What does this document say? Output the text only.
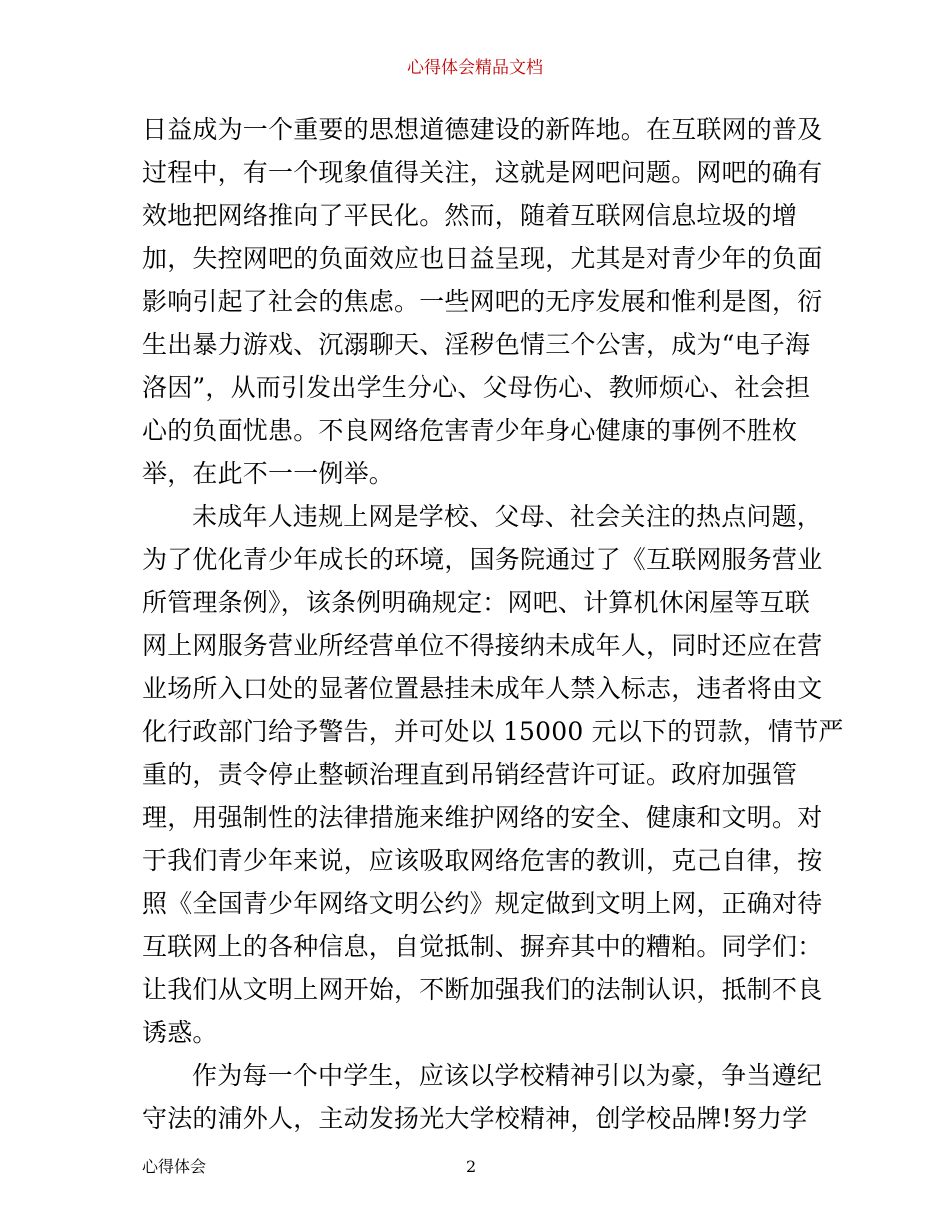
心得体会精品文档
日益成为一个重要的思想道德建设的新阵地。在互联网的普及
过程中，有一个现象值得关注，这就是网吧问题。网吧的确有
效地把网络推向了平民化。然而，随着互联网信息垃圾的增
加，失控网吧的负面效应也日益呈现，尤其是对青少年的负面
影响引起了社会的焦虑。一些网吧的无序发展和惟利是图，衍
生出暴力游戏、沉溺聊天、淫秽色情三个公害，成为“电子海
洛因”，从而引发出学生分心、父母伤心、教师烦心、社会担
心的负面忧患。不良网络危害青少年身心健康的事例不胜枚
举，在此不一一例举。
未成年人违规上网是学校、父母、社会关注的热点问题，
为了优化青少年成长的环境，国务院通过了《互联网服务营业
所管理条例》，该条例明确规定：网吧、计算机休闲屋等互联
网上网服务营业所经营单位不得接纳未成年人，同时还应在营
业场所入口处的显著位置悬挂未成年人禁入标志，违者将由文
化行政部门给予警告，并可处以 15000 元以下的罚款，情节严
重的，责令停止整顿治理直到吊销经营许可证。政府加强管
理，用强制性的法律措施来维护网络的安全、健康和文明。对
于我们青少年来说，应该吸取网络危害的教训，克己自律，按
照《全国青少年网络文明公约》规定做到文明上网，正确对待
互联网上的各种信息，自觉抵制、摒弃其中的糟粕。同学们：
让我们从文明上网开始，不断加强我们的法制认识，抵制不良
诱惑。
作为每一个中学生，应该以学校精神引以为豪，争当遵纪
守法的浦外人，主动发扬光大学校精神，创学校品牌!努力学
心得体会	2
